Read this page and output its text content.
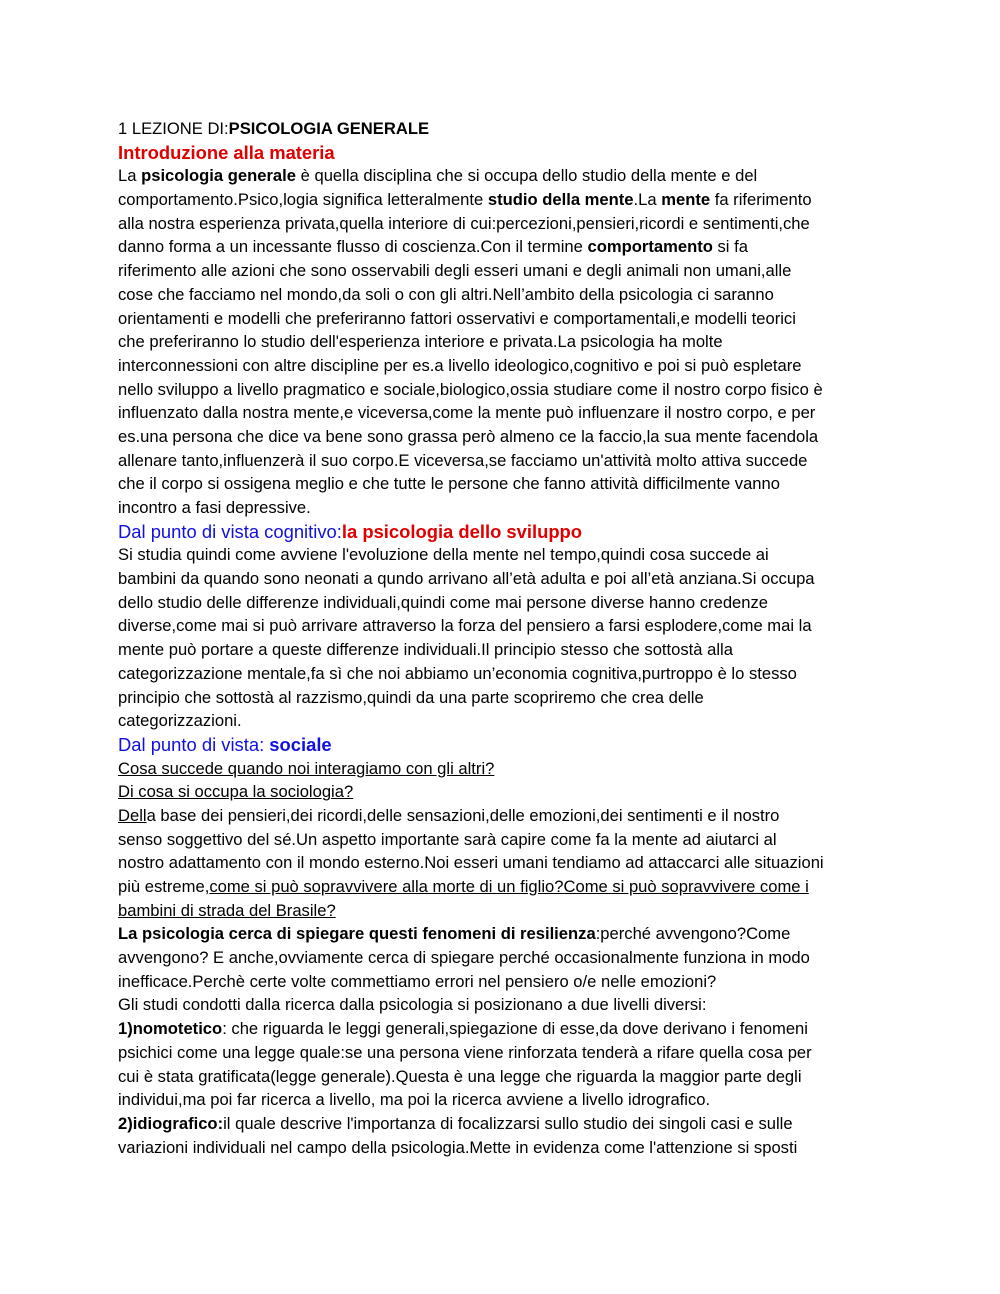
1 LEZIONE DI:PSICOLOGIA GENERALE
Introduzione alla materia
La psicologia generale è quella disciplina che si occupa dello studio della mente e del
comportamento.Psico,logia significa letteralmente studio della mente.La mente fa riferimento
alla nostra esperienza privata,quella interiore di cui:percezioni,pensieri,ricordi e sentimenti,che
danno forma a un incessante flusso di coscienza.Con il termine comportamento si fa
riferimento alle azioni che sono osservabili degli esseri umani e degli animali non umani,alle
cose che facciamo nel mondo,da soli o con gli altri.Nell’ambito della psicologia ci saranno
orientamenti e modelli che preferiranno fattori osservativi e comportamentali,e modelli teorici
che preferiranno lo studio dell'esperienza interiore e privata.La psicologia ha molte
interconnessioni con altre discipline per es.a livello ideologico,cognitivo e poi si può espletare
nello sviluppo a livello pragmatico e sociale,biologico,ossia studiare come il nostro corpo fisico è
influenzato dalla nostra mente,e viceversa,come la mente può influenzare il nostro corpo, e per
es.una persona che dice va bene sono grassa però almeno ce la faccio,la sua mente facendola
allenare tanto,influenzerà il suo corpo.E viceversa,se facciamo un'attività molto attiva succede
che il corpo si ossigena meglio e che tutte le persone che fanno attività difficilmente vanno
incontro a fasi depressive.
Dal punto di vista cognitivo:la psicologia dello sviluppo
Si studia quindi come avviene l'evoluzione della mente nel tempo,quindi cosa succede ai
bambini da quando sono neonati a qundo arrivano all’età adulta e poi all’età anziana.Si occupa
dello studio delle differenze individuali,quindi come mai persone diverse hanno credenze
diverse,come mai si può arrivare attraverso la forza del pensiero a farsi esplodere,come mai la
mente può portare a queste differenze individuali.Il principio stesso che sottostà alla
categorizzazione mentale,fa sì che noi abbiamo un’economia cognitiva,purtroppo è lo stesso
principio che sottostà al razzismo,quindi da una parte scopriremo che crea delle
categorizzazioni.
Dal punto di vista: sociale
Cosa succede quando noi interagiamo con gli altri?
Di cosa si occupa la sociologia?
Della base dei pensieri,dei ricordi,delle sensazioni,delle emozioni,dei sentimenti e il nostro
senso soggettivo del sé.Un aspetto importante sarà capire come fa la mente ad aiutarci al
nostro adattamento con il mondo esterno.Noi esseri umani tendiamo ad attaccarci alle situazioni
più estreme,come si può sopravvivere alla morte di un figlio?Come si può sopravvivere come i
bambini di strada del Brasile?
La psicologia cerca di spiegare questi fenomeni di resilienza:perché avvengono?Come
avvengono? E anche,ovviamente cerca di spiegare perché occasionalmente funziona in modo
inefficace.Perchè certe volte commettiamo errori nel pensiero o/e nelle emozioni?
Gli studi condotti dalla ricerca dalla psicologia si posizionano a due livelli diversi:
1)nomotetico: che riguarda le leggi generali,spiegazione di esse,da dove derivano i fenomeni
psichici come una legge quale:se una persona viene rinforzata tenderà a rifare quella cosa per
cui è stata gratificata(legge generale).Questa è una legge che riguarda la maggior parte degli
individui,ma poi far ricerca a livello, ma poi la ricerca avviene a livello idrografico.
2)idiografico:il quale descrive l'importanza di focalizzarsi sullo studio dei singoli casi e sulle
variazioni individuali nel campo della psicologia.Mette in evidenza come l'attenzione si sposti
